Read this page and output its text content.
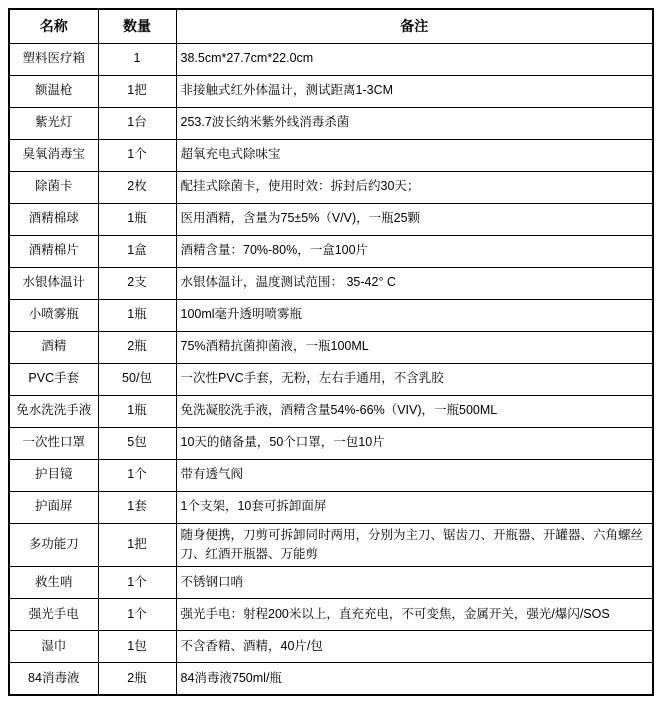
名称	数量	备注
塑料医疗箱	1	38.5cm*27.7cm*22.0cm
额温枪	1把	非接触式红外体温计，测试距离1-3CM
紫光灯	1台	253.7波长纳米紫外线消毒杀菌
臭氧消毒宝	1个	超氧充电式除味宝
除菌卡	2枚	配挂式除菌卡，使用时效：拆封后约30天；
酒精棉球	1瓶	医用酒精，含量为75±5%（V/V)，一瓶25颗
酒精棉片	1盒	酒精含量：70%-80%，一盒100片
水银体温计	2支	水银体温计，温度测试范围： 35-42° C
小喷雾瓶	1瓶	100ml毫升透明喷雾瓶
酒精	2瓶	75%酒精抗菌抑菌液，一瓶100ML
PVC手套	50/包	一次性PVC手套，无粉，左右手通用，不含乳胶
免水洗洗手液	1瓶	免洗凝胶洗手液，酒精含量54%-66%（VIV)，一瓶500ML
一次性口罩	5包	10天的储备量，50个口罩，一包10片
护目镜	1个	带有透气阀
护面屏	1套	1个支架，10套可拆卸面屏
多功能刀	1把	随身便携，刀剪可拆卸同时两用，分别为主刀、锯齿刀、开瓶器、开罐器、六角螺丝刀、红酒开瓶器、万能剪
救生哨	1个	不锈钢口哨
强光手电	1个	强光手电：射程200米以上，直充充电，不可变焦，金属开关，强光/爆闪/SOS
湿巾	1包	不含香精、酒精，40片/包
84消毒液	2瓶	84消毒液750ml/瓶
